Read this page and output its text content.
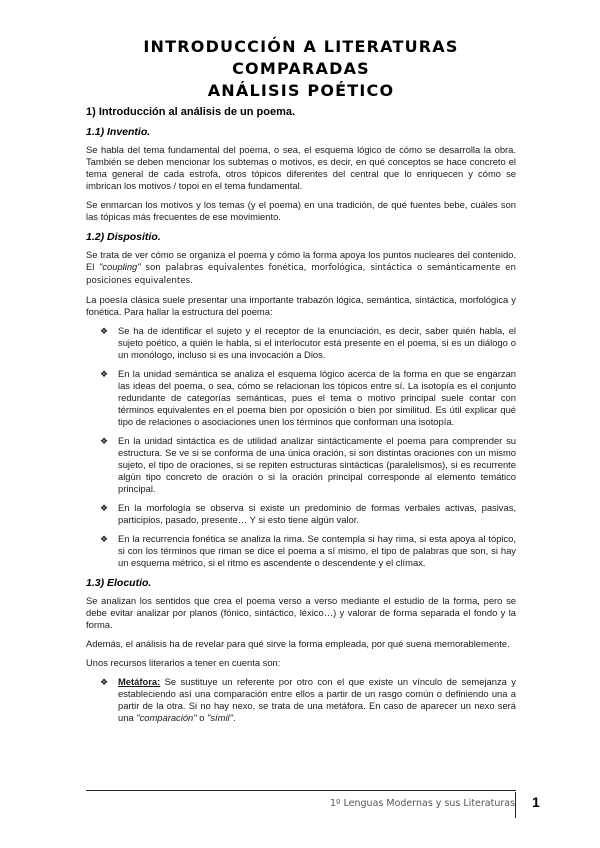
INTRODUCCIÓN A LITERATURAS COMPARADAS
ANÁLISIS POÉTICO
1) Introducción al análisis de un poema.
1.1) Inventio.

Se habla del tema fundamental del poema, o sea, el esquema lógico de cómo se desarrolla la obra. También se deben mencionar los subtemas o motivos, es decir, en qué conceptos se hace concreto el tema general de cada estrofa, otros tópicos diferentes del central que lo enriquecen y cómo se imbrican los motivos / topoi en el tema fundamental.

Se enmarcan los motivos y los temas (y el poema) en una tradición, de qué fuentes bebe, cuáles son las tópicas más frecuentes de ese movimiento.

1.2) Dispositio.

Se trata de ver cómo se organiza el poema y cómo la forma apoya los puntos nucleares del contenido. El "coupling" son palabras equivalentes fonética, morfológica, sintáctica o semánticamente en posiciones equivalentes.

La poesía clásica suele presentar una importante trabazón lógica, semántica, sintáctica, morfológica y fonética. Para hallar la estructura del poema:

❖ Se ha de identificar el sujeto y el receptor de la enunciación, es decir, saber quién habla, el sujeto poético, a quién le habla, si el interlocutor está presente en el poema, si es un diálogo o un monólogo, incluso si es una invocación a Dios.
❖ En la unidad semántica se analiza el esquema lógico acerca de la forma en que se engarzan las ideas del poema, o sea, cómo se relacionan los tópicos entre sí. La isotopía es el conjunto redundante de categorías semánticas, pues el tema o motivo principal suele contar con términos equivalentes en el poema bien por oposición o bien por similitud. Es útil explicar qué tipo de relaciones o asociaciones unen los términos que conforman una isotopía.
❖ En la unidad sintáctica es de utilidad analizar sintácticamente el poema para comprender su estructura. Se ve si se conforma de una única oración, si son distintas oraciones con un mismo sujeto, el tipo de oraciones, si se repiten estructuras sintácticas (paralelismos), si es recurrente algún tipo concreto de oración o si la oración principal corresponde al elemento temático principal.
❖ En la morfología se observa si existe un predominio de formas verbales activas, pasivas, participios, pasado, presente… Y si esto tiene algún valor.
❖ En la recurrencia fonética se analiza la rima. Se contempla si hay rima, si esta apoya al tópico, si con los términos que riman se dice el poema a sí mismo, el tipo de palabras que son, si hay un esquema métrico, si el ritmo es ascendente o descendente y el clímax.
1.3) Elocutio.

Se analizan los sentidos que crea el poema verso a verso mediante el estudio de la forma, pero se debe evitar analizar por planos (fónico, sintáctico, léxico…) y valorar de forma separada el fondo y la forma.

Además, el análisis ha de revelar para qué sirve la forma empleada, por qué suena memorablemente.

Unos recursos literarios a tener en cuenta son:

❖ Metáfora: Se sustituye un referente por otro con el que existe un vínculo de semejanza y estableciendo así una comparación entre ellos a partir de un rasgo común o definiendo una a partir de la otra. Si no hay nexo, se trata de una metáfora. En caso de aparecer un nexo será una "comparación" o "símil".
1º Lenguas Modernas y sus Literaturas 1
